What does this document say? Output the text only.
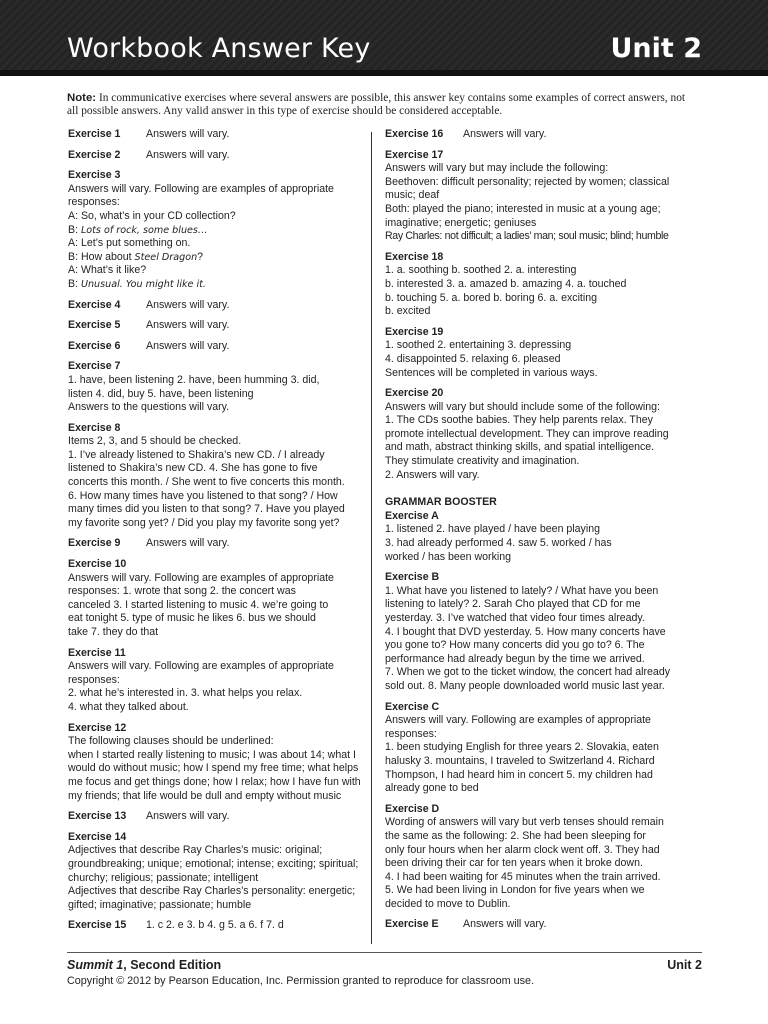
Workbook Answer Key	Unit 2
Note: In communicative exercises where several answers are possible, this answer key contains some examples of correct answers, not all possible answers. Any valid answer in this type of exercise should be considered acceptable.
Exercise 1	Answers will vary.
Exercise 2	Answers will vary.
Exercise 3
Answers will vary. Following are examples of appropriate responses:
A: So, what’s in your CD collection?
B: Lots of rock, some blues…
A: Let’s put something on.
B: How about Steel Dragon?
A: What’s it like?
B: Unusual. You might like it.
Exercise 4	Answers will vary.
Exercise 5	Answers will vary.
Exercise 6	Answers will vary.
Exercise 7
1. have, been listening 2. have, been humming 3. did,
listen 4. did, buy 5. have, been listening
Answers to the questions will vary.
Exercise 8
Items 2, 3, and 5 should be checked.
1. I’ve already listened to Shakira’s new CD. / I already
listened to Shakira’s new CD. 4. She has gone to five
concerts this month. / She went to five concerts this month.
6. How many times have you listened to that song? / How
many times did you listen to that song? 7. Have you played
my favorite song yet? / Did you play my favorite song yet?
Exercise 9	Answers will vary.
Exercise 10
Answers will vary. Following are examples of appropriate
responses: 1. wrote that song 2. the concert was
canceled 3. I started listening to music 4. we’re going to
eat tonight 5. type of music he likes 6. bus we should
take 7. they do that
Exercise 11
Answers will vary. Following are examples of appropriate
responses:
2. what he’s interested in. 3. what helps you relax.
4. what they talked about.
Exercise 12
The following clauses should be underlined:
when I started really listening to music; I was about 14; what I
would do without music; how I spend my free time; what helps
me focus and get things done; how I relax; how I have fun with
my friends; that life would be dull and empty without music
Exercise 13	Answers will vary.
Exercise 14
Adjectives that describe Ray Charles’s music: original;
groundbreaking; unique; emotional; intense; exciting; spiritual;
churchy; religious; passionate; intelligent
Adjectives that describe Ray Charles’s personality: energetic;
gifted; imaginative; passionate; humble
Exercise 15	1. c 2. e 3. b 4. g 5. a 6. f 7. d
Exercise 16	Answers will vary.
Exercise 17
Answers will vary but may include the following:
Beethoven: difficult personality; rejected by women; classical
music; deaf
Both: played the piano; interested in music at a young age;
imaginative; energetic; geniuses
Ray Charles: not difficult; a ladies’ man; soul music; blind; humble
Exercise 18
1. a. soothing b. soothed 2. a. interesting
b. interested 3. a. amazed b. amazing 4. a. touched
b. touching 5. a. bored b. boring 6. a. exciting
b. excited
Exercise 19
1. soothed 2. entertaining 3. depressing
4. disappointed 5. relaxing 6. pleased
Sentences will be completed in various ways.
Exercise 20
Answers will vary but should include some of the following:
1. The CDs soothe babies. They help parents relax. They
promote intellectual development. They can improve reading
and math, abstract thinking skills, and spatial intelligence.
They stimulate creativity and imagination.
2. Answers will vary.
GRAMMAR BOOSTER
Exercise A
1. listened 2. have played / have been playing
3. had already performed 4. saw 5. worked / has
worked / has been working
Exercise B
1. What have you listened to lately? / What have you been
listening to lately? 2. Sarah Cho played that CD for me
yesterday. 3. I’ve watched that video four times already.
4. I bought that DVD yesterday. 5. How many concerts have
you gone to? How many concerts did you go to? 6. The
performance had already begun by the time we arrived.
7. When we got to the ticket window, the concert had already
sold out. 8. Many people downloaded world music last year.
Exercise C
Answers will vary. Following are examples of appropriate
responses:
1. been studying English for three years 2. Slovakia, eaten
halusky 3. mountains, I traveled to Switzerland 4. Richard
Thompson, I had heard him in concert 5. my children had
already gone to bed
Exercise D
Wording of answers will vary but verb tenses should remain
the same as the following: 2. She had been sleeping for
only four hours when her alarm clock went off. 3. They had
been driving their car for ten years when it broke down.
4. I had been waiting for 45 minutes when the train arrived.
5. We had been living in London for five years when we
decided to move to Dublin.
Exercise E	Answers will vary.
Summit 1, Second Edition	Unit 2
Copyright © 2012 by Pearson Education, Inc. Permission granted to reproduce for classroom use.
